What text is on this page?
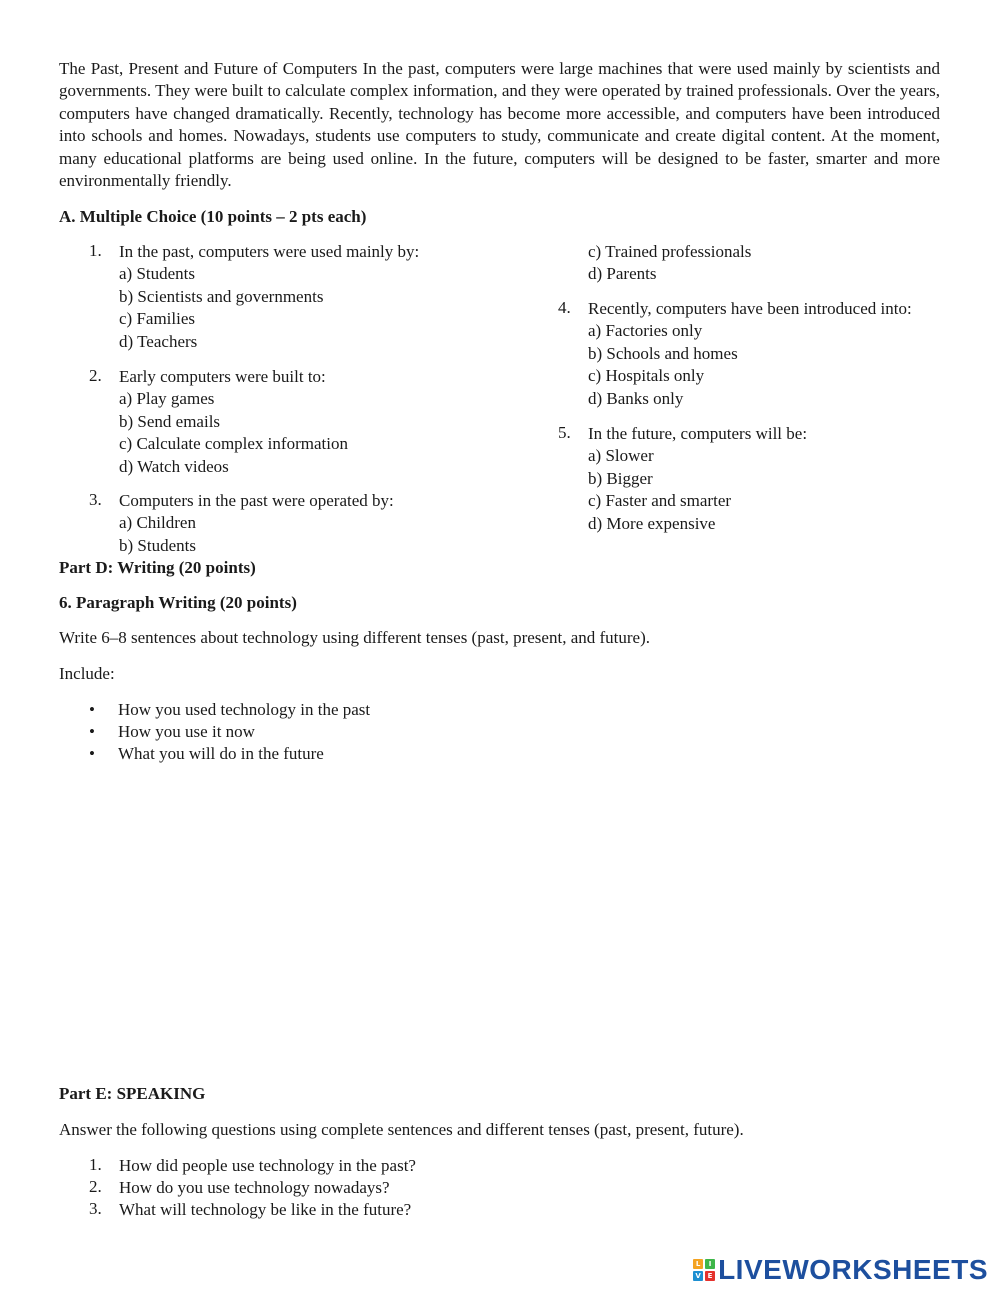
The Past, Present and Future of Computers In the past, computers were large machines that were used mainly by scientists and governments. They were built to calculate complex information, and they were operated by trained professionals. Over the years, computers have changed dramatically. Recently, technology has become more accessible, and computers have been introduced into schools and homes. Nowadays, students use computers to study, communicate and create digital content. At the moment, many educational platforms are being used online. In the future, computers will be designed to be faster, smarter and more environmentally friendly.

A. Multiple Choice (10 points – 2 pts each)

1. In the past, computers were used mainly by:
a) Students
b) Scientists and governments
c) Families
d) Teachers
2. Early computers were built to:
a) Play games
b) Send emails
c) Calculate complex information
d) Watch videos
3. Computers in the past were operated by:
a) Children
b) Students
c) Trained professionals
d) Parents
4. Recently, computers have been introduced into:
a) Factories only
b) Schools and homes
c) Hospitals only
d) Banks only
5. In the future, computers will be:
a) Slower
b) Bigger
c) Faster and smarter
d) More expensive

Part D: Writing (20 points)

6. Paragraph Writing (20 points)

Write 6–8 sentences about technology using different tenses (past, present, and future).

Include:

• How you used technology in the past
• How you use it now
• What you will do in the future

Part E: SPEAKING

Answer the following questions using complete sentences and different tenses (past, present, future).

1. How did people use technology in the past?
2. How do you use technology nowadays?
3. What will technology be like in the future?
L	I
V E LIVEWORKSHEETS
